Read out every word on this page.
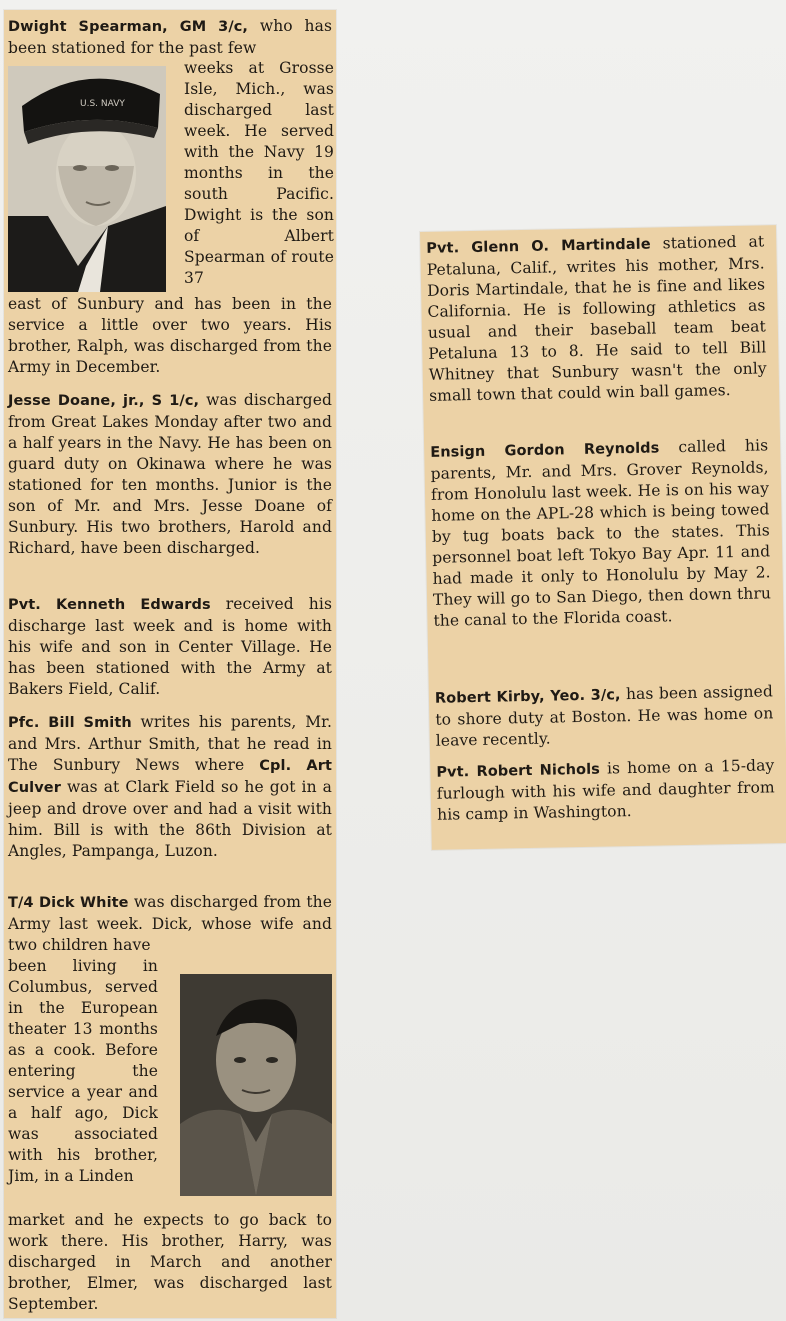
Dwight Spearman, GM 3/c, who has been stationed for the past few

U.S. NAVY

weeks at Grosse Isle, Mich., was discharged last week. He served with the Navy 19 months in the south Pacific. Dwight is the son of Albert Spearman of route 37

east of Sunbury and has been in the service a little over two years. His brother, Ralph, was discharged from the Army in December.

Jesse Doane, jr., S 1/c, was discharged from Great Lakes Monday after two and a half years in the Navy. He has been on guard duty on Okinawa where he was stationed for ten months. Junior is the son of Mr. and Mrs. Jesse Doane of Sunbury. His two brothers, Harold and Richard, have been discharged.

Pvt. Kenneth Edwards received his discharge last week and is home with his wife and son in Center Village. He has been stationed with the Army at Bakers Field, Calif.

Pfc. Bill Smith writes his parents, Mr. and Mrs. Arthur Smith, that he read in The Sunbury News where Cpl. Art Culver was at Clark Field so he got in a jeep and drove over and had a visit with him. Bill is with the 86th Division at Angles, Pampanga, Luzon.

T/4 Dick White was discharged from the Army last week. Dick, whose wife and two children have

been living in Columbus, served in the European theater 13 months as a cook. Before entering the service a year and a half ago, Dick was associated with his brother, Jim, in a Linden

market and he expects to go back to work there. His brother, Harry, was discharged in March and another brother, Elmer, was discharged last September.

Pvt. Glenn O. Martindale stationed at Petaluna, Calif., writes his mother, Mrs. Doris Martindale, that he is fine and likes California. He is following athletics as usual and their baseball team beat Petaluna 13 to 8. He said to tell Bill Whitney that Sunbury wasn't the only small town that could win ball games.

Ensign Gordon Reynolds called his parents, Mr. and Mrs. Grover Reynolds, from Honolulu last week. He is on his way home on the APL-28 which is being towed by tug boats back to the states. This personnel boat left Tokyo Bay Apr. 11 and had made it only to Honolulu by May 2. They will go to San Diego, then down thru the canal to the Florida coast.

Robert Kirby, Yeo. 3/c, has been assigned to shore duty at Boston. He was home on leave recently.

Pvt. Robert Nichols is home on a 15-day furlough with his wife and daughter from his camp in Washington.
